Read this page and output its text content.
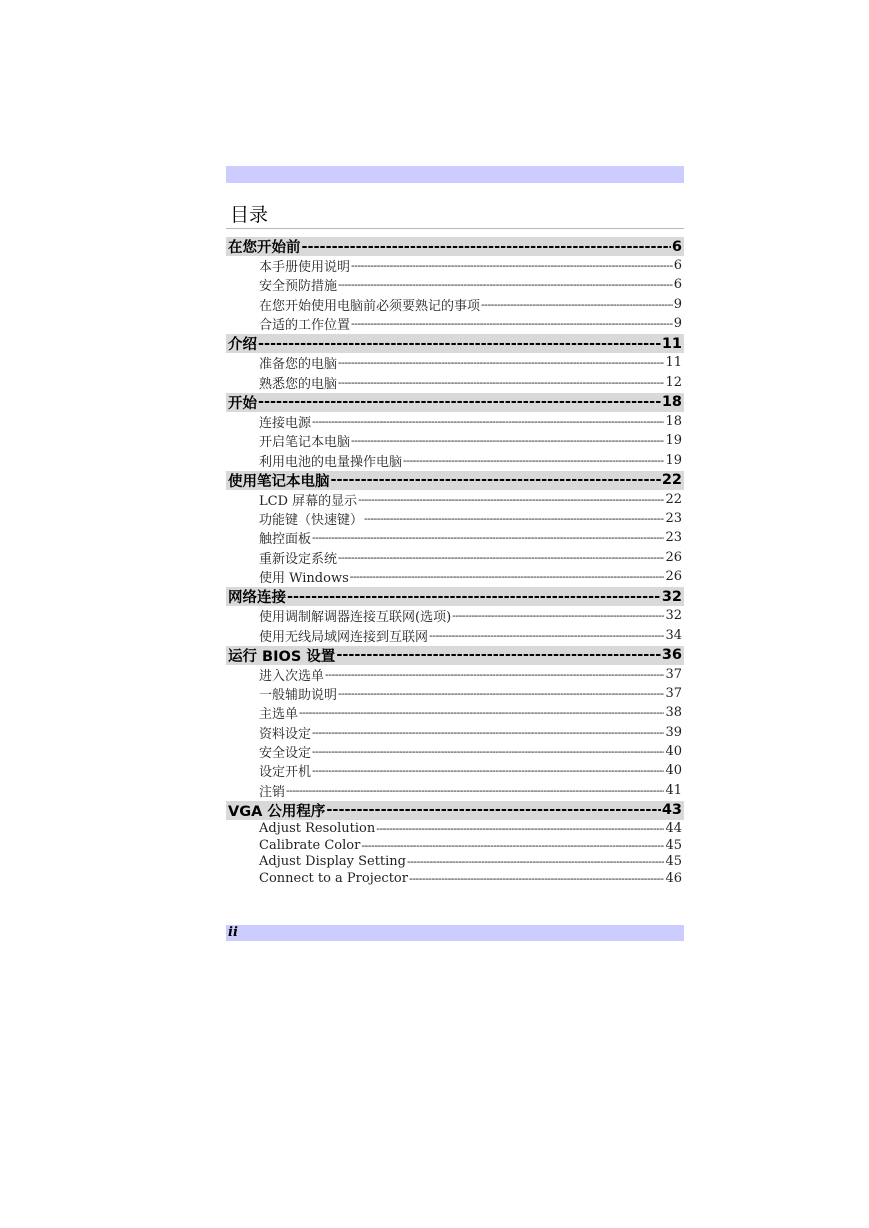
目录
在您开始前 -----	6
本手册使用说明 -----	6
安全预防措施 -----	6
在您开始使用电脑前必须要熟记的事项 -----	9
合适的工作位置 -----	9
介绍 -----	11
准备您的电脑 -----	11
熟悉您的电脑 -----	12
开始 -----	18
连接电源 -----	18
开启笔记本电脑 -----	19
利用电池的电量操作电脑 -----	19
使用笔记本电脑 -----	22
LCD 屏幕的显示 -----	22
功能键（快速键） -----	23
触控面板 -----	23
重新设定系统 -----	26
使用 Windows -----	26
网络连接 -----	32
使用调制解调器连接互联网(选项) -----	32
使用无线局域网连接到互联网 -----	34
运行 BIOS 设置 -----	36
进入次选单 -----	37
一般辅助说明 -----	37
主选单 -----	38
资料设定 -----	39
安全设定 -----	40
设定开机 -----	40
注销 -----	41
VGA 公用程序 -----	43
Adjust Resolution -----	44
Calibrate Color -----	45
Adjust Display Setting -----	45
Connect to a Projector -----	46
ii
